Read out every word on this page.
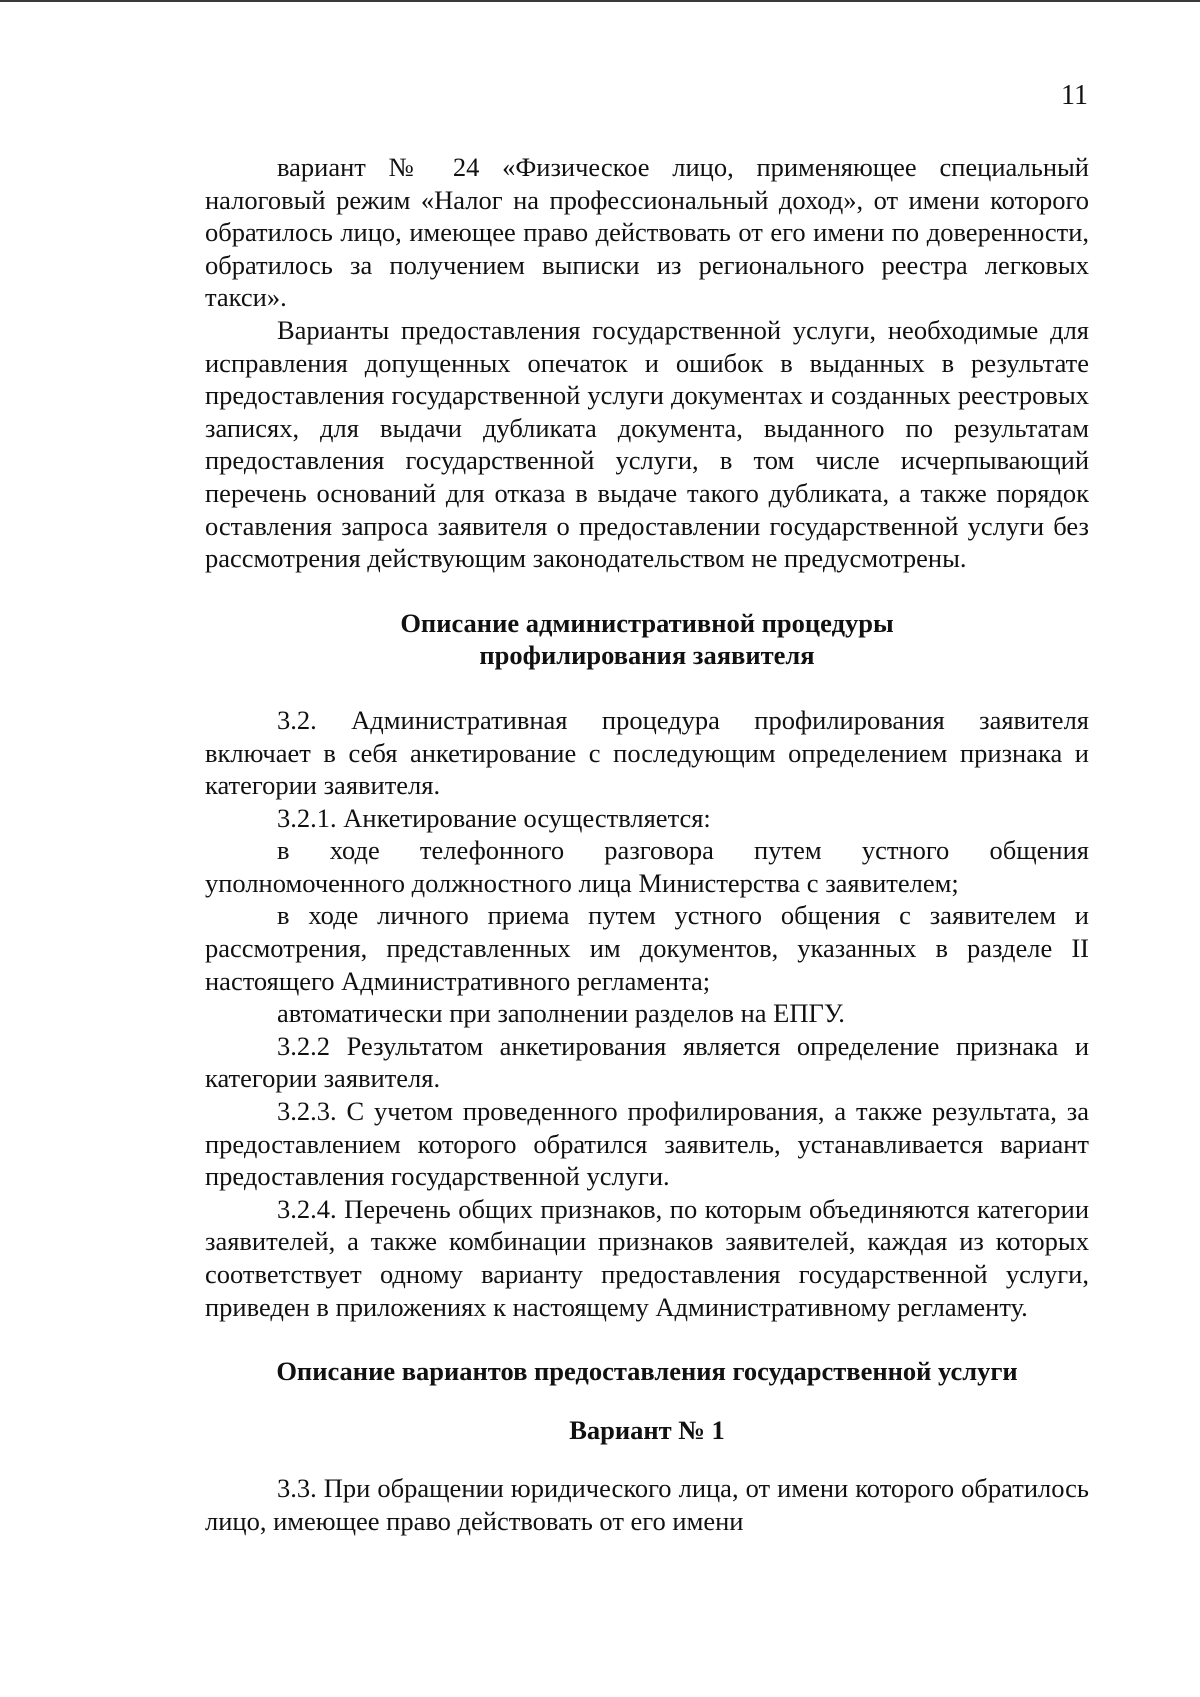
11

вариант № 24 «Физическое лицо, применяющее специальный налоговый режим «Налог на профессиональный доход», от имени которого обратилось лицо, имеющее право действовать от его имени по доверенности, обратилось за получением выписки из регионального реестра легковых такси».

Варианты предоставления государственной услуги, необходимые для исправления допущенных опечаток и ошибок в выданных в результате предоставления государственной услуги документах и созданных реестровых записях, для выдачи дубликата документа, выданного по результатам предоставления государственной услуги, в том числе исчерпывающий перечень оснований для отказа в выдаче такого дубликата, а также порядок оставления запроса заявителя о предоставлении государственной услуги без рассмотрения действующим законодательством не предусмотрены.

Описание административной процедуры
профилирования заявителя

3.2. Административная процедура профилирования заявителя включает в себя анкетирование с последующим определением признака и категории заявителя.

3.2.1. Анкетирование осуществляется:

в ходе телефонного разговора путем устного общения уполномоченного должностного лица Министерства с заявителем;

в ходе личного приема путем устного общения с заявителем и рассмотрения, представленных им документов, указанных в разделе II настоящего Административного регламента;

автоматически при заполнении разделов на ЕПГУ.

3.2.2 Результатом анкетирования является определение признака и категории заявителя.

3.2.3. С учетом проведенного профилирования, а также результата, за предоставлением которого обратился заявитель, устанавливается вариант предоставления государственной услуги.

3.2.4. Перечень общих признаков, по которым объединяются категории заявителей, а также комбинации признаков заявителей, каждая из которых соответствует одному варианту предоставления государственной услуги, приведен в приложениях к настоящему Административному регламенту.

Описание вариантов предоставления государственной услуги
Вариант № 1

3.3. При обращении юридического лица, от имени которого обратилось лицо, имеющее право действовать от его имени
